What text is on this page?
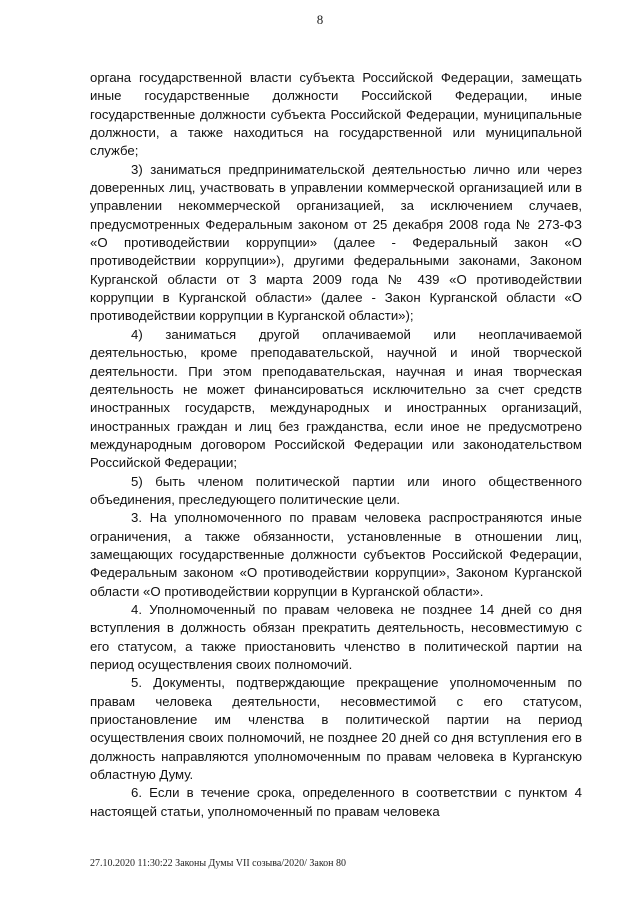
8

органа государственной власти субъекта Российской Федерации, замещать иные государственные должности Российской Федерации, иные государственные должности субъекта Российской Федерации, муниципальные должности, а также находиться на государственной или муниципальной службе;

3) заниматься предпринимательской деятельностью лично или через доверенных лиц, участвовать в управлении коммерческой организацией или в управлении некоммерческой организацией, за исключением случаев, предусмотренных Федеральным законом от 25 декабря 2008 года № 273-ФЗ «О противодействии коррупции» (далее - Федеральный закон «О противодействии коррупции»), другими федеральными законами, Законом Курганской области от 3 марта 2009 года № 439 «О противодействии коррупции в Курганской области» (далее - Закон Курганской области «О противодействии коррупции в Курганской области»);

4) заниматься другой оплачиваемой или неоплачиваемой деятельностью, кроме преподавательской, научной и иной творческой деятельности. При этом преподавательская, научная и иная творческая деятельность не может финансироваться исключительно за счет средств иностранных государств, международных и иностранных организаций, иностранных граждан и лиц без гражданства, если иное не предусмотрено международным договором Российской Федерации или законодательством Российской Федерации;

5) быть членом политической партии или иного общественного объединения, преследующего политические цели.

3. На уполномоченного по правам человека распространяются иные ограничения, а также обязанности, установленные в отношении лиц, замещающих государственные должности субъектов Российской Федерации, Федеральным законом «О противодействии коррупции», Законом Курганской области «О противодействии коррупции в Курганской области».

4. Уполномоченный по правам человека не позднее 14 дней со дня вступления в должность обязан прекратить деятельность, несовместимую с его статусом, а также приостановить членство в политической партии на период осуществления своих полномочий.

5. Документы, подтверждающие прекращение уполномоченным по правам человека деятельности, несовместимой с его статусом, приостановление им членства в политической партии на период осуществления своих полномочий, не позднее 20 дней со дня вступления его в должность направляются уполномоченным по правам человека в Курганскую областную Думу.

6. Если в течение срока, определенного в соответствии с пунктом 4 настоящей статьи, уполномоченный по правам человека

27.10.2020 11:30:22 Законы Думы VII созыва/2020/ Закон 80
